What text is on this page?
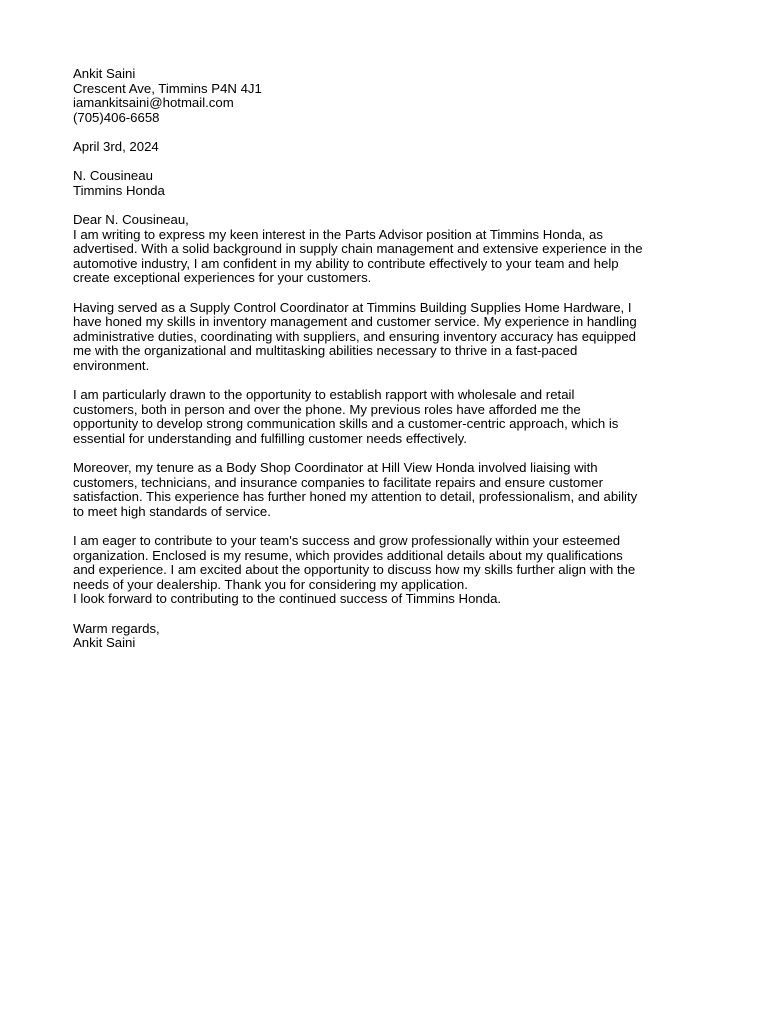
Ankit Saini
Crescent Ave, Timmins P4N 4J1
iamankitsaini@hotmail.com
(705)406-6658
April 3rd, 2024
N. Cousineau
Timmins Honda
Dear N. Cousineau,
I am writing to express my keen interest in the Parts Advisor position at Timmins Honda, as
advertised. With a solid background in supply chain management and extensive experience in the
automotive industry, I am confident in my ability to contribute effectively to your team and help
create exceptional experiences for your customers.
Having served as a Supply Control Coordinator at Timmins Building Supplies Home Hardware, I
have honed my skills in inventory management and customer service. My experience in handling
administrative duties, coordinating with suppliers, and ensuring inventory accuracy has equipped
me with the organizational and multitasking abilities necessary to thrive in a fast-paced
environment.
I am particularly drawn to the opportunity to establish rapport with wholesale and retail
customers, both in person and over the phone. My previous roles have afforded me the
opportunity to develop strong communication skills and a customer-centric approach, which is
essential for understanding and fulfilling customer needs effectively.
Moreover, my tenure as a Body Shop Coordinator at Hill View Honda involved liaising with
customers, technicians, and insurance companies to facilitate repairs and ensure customer
satisfaction. This experience has further honed my attention to detail, professionalism, and ability
to meet high standards of service.
I am eager to contribute to your team's success and grow professionally within your esteemed
organization. Enclosed is my resume, which provides additional details about my qualifications
and experience. I am excited about the opportunity to discuss how my skills further align with the
needs of your dealership. Thank you for considering my application.
I look forward to contributing to the continued success of Timmins Honda.
Warm regards,
Ankit Saini
